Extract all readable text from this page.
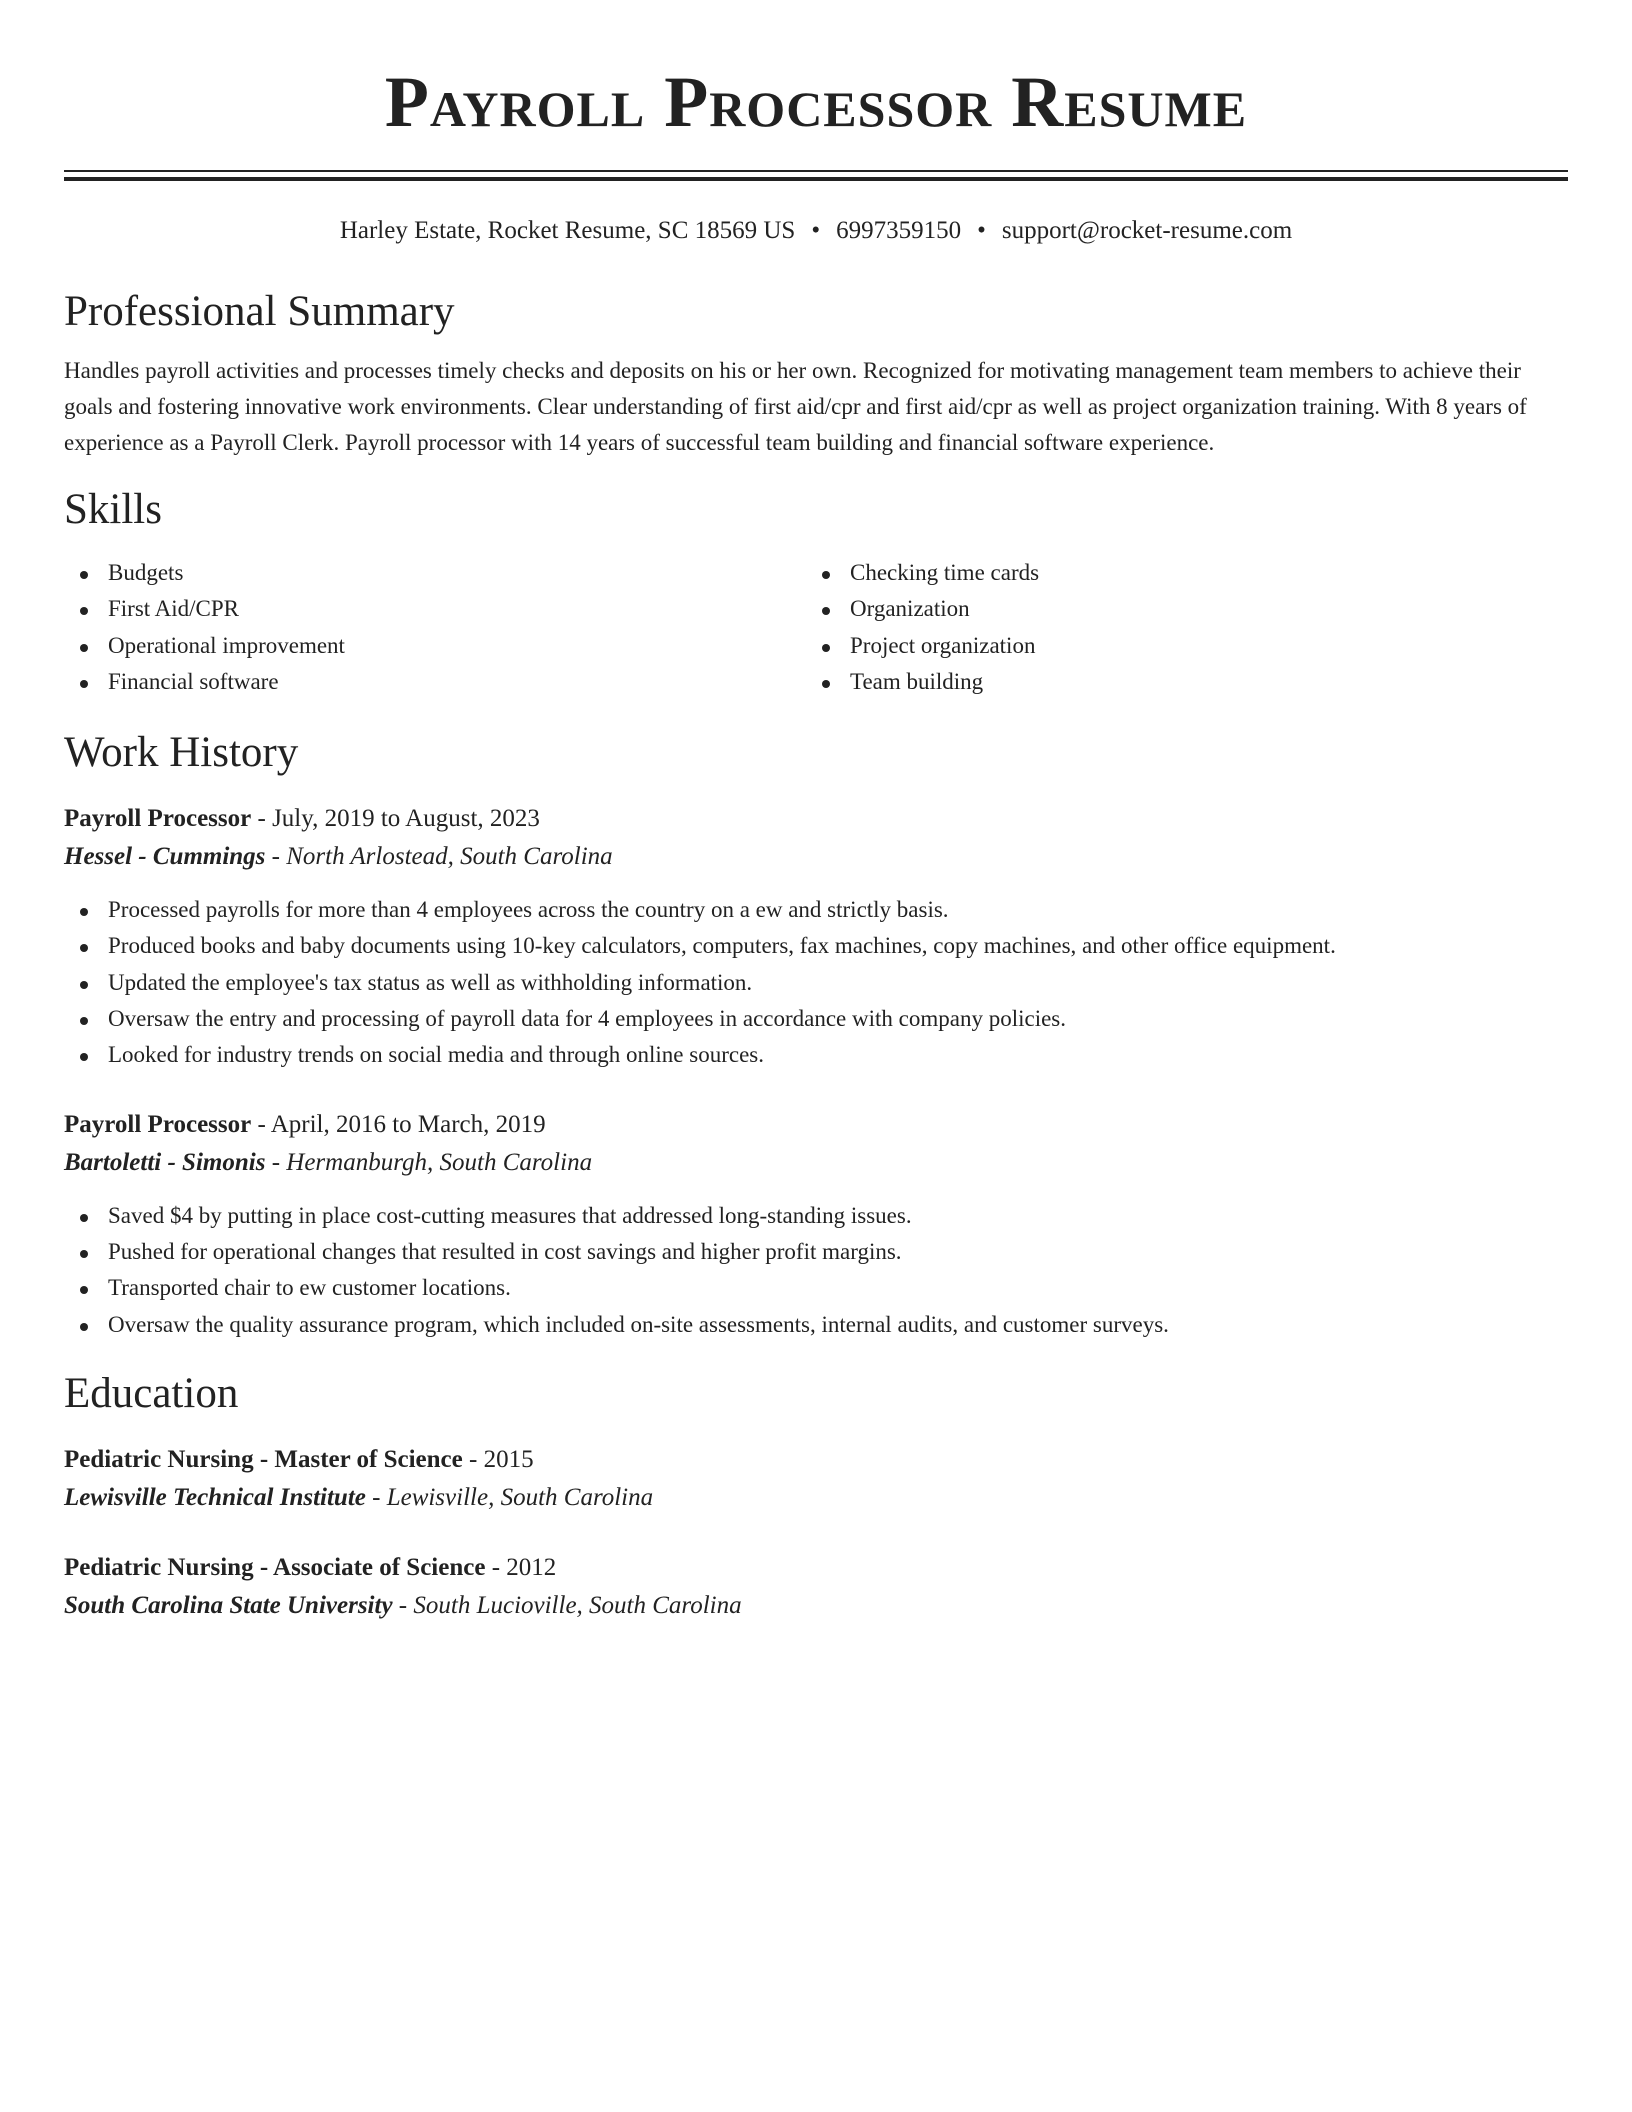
Payroll Processor Resume
Harley Estate, Rocket Resume, SC 18569 US • 6997359150 • support@rocket-resume.com
Professional Summary

Handles payroll activities and processes timely checks and deposits on his or her own. Recognized for motivating management team members to achieve their goals and fostering innovative work environments. Clear understanding of first aid/cpr and first aid/cpr as well as project organization training. With 8 years of experience as a Payroll Clerk. Payroll processor with 14 years of successful team building and financial software experience.

Skills
Budgets
First Aid/CPR
Operational improvement
Financial software
Checking time cards
Organization
Project organization
Team building
Work History
Payroll Processor - July, 2019 to August, 2023
Hessel - Cummings - North Arlostead, South Carolina
Processed payrolls for more than 4 employees across the country on a ew and strictly basis.
Produced books and baby documents using 10-key calculators, computers, fax machines, copy machines, and other office equipment.
Updated the employee's tax status as well as withholding information.
Oversaw the entry and processing of payroll data for 4 employees in accordance with company policies.
Looked for industry trends on social media and through online sources.
Payroll Processor - April, 2016 to March, 2019
Bartoletti - Simonis - Hermanburgh, South Carolina
Saved $4 by putting in place cost-cutting measures that addressed long-standing issues.
Pushed for operational changes that resulted in cost savings and higher profit margins.
Transported chair to ew customer locations.
Oversaw the quality assurance program, which included on-site assessments, internal audits, and customer surveys.
Education
Pediatric Nursing - Master of Science - 2015
Lewisville Technical Institute - Lewisville, South Carolina
Pediatric Nursing - Associate of Science - 2012
South Carolina State University - South Lucioville, South Carolina
